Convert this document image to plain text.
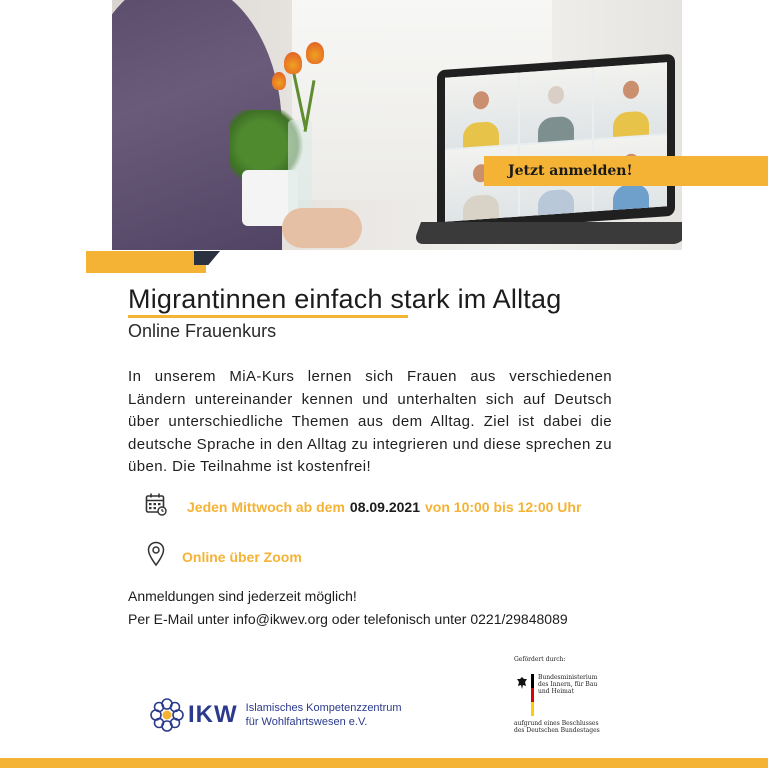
Jetzt anmelden!
Migrantinnen einfach stark im Alltag
Online Frauenkurs

In unserem MiA-Kurs lernen sich Frauen aus verschiedenen Ländern untereinander kennen und unterhalten sich auf Deutsch über unterschiedliche Themen aus dem Alltag. Ziel ist dabei die deutsche Sprache in den Alltag zu integrieren und diese sprechen zu üben. Die Teilnahme ist kostenfrei!

Jeden Mittwoch ab dem 08.09.2021 von 10:00 bis 12:00 Uhr
Online über Zoom
Anmeldungen sind jederzeit möglich!
Per E-Mail unter info@ikwev.org oder telefonisch unter 0221/29848089
IKW Islamisches Kompetenzzentrum
für Wohlfahrtswesen e.V.
Gefördert durch:
Bundesministerium
des Innern, für Bau
und Heimat
aufgrund eines Beschlusses
des Deutschen Bundestages
